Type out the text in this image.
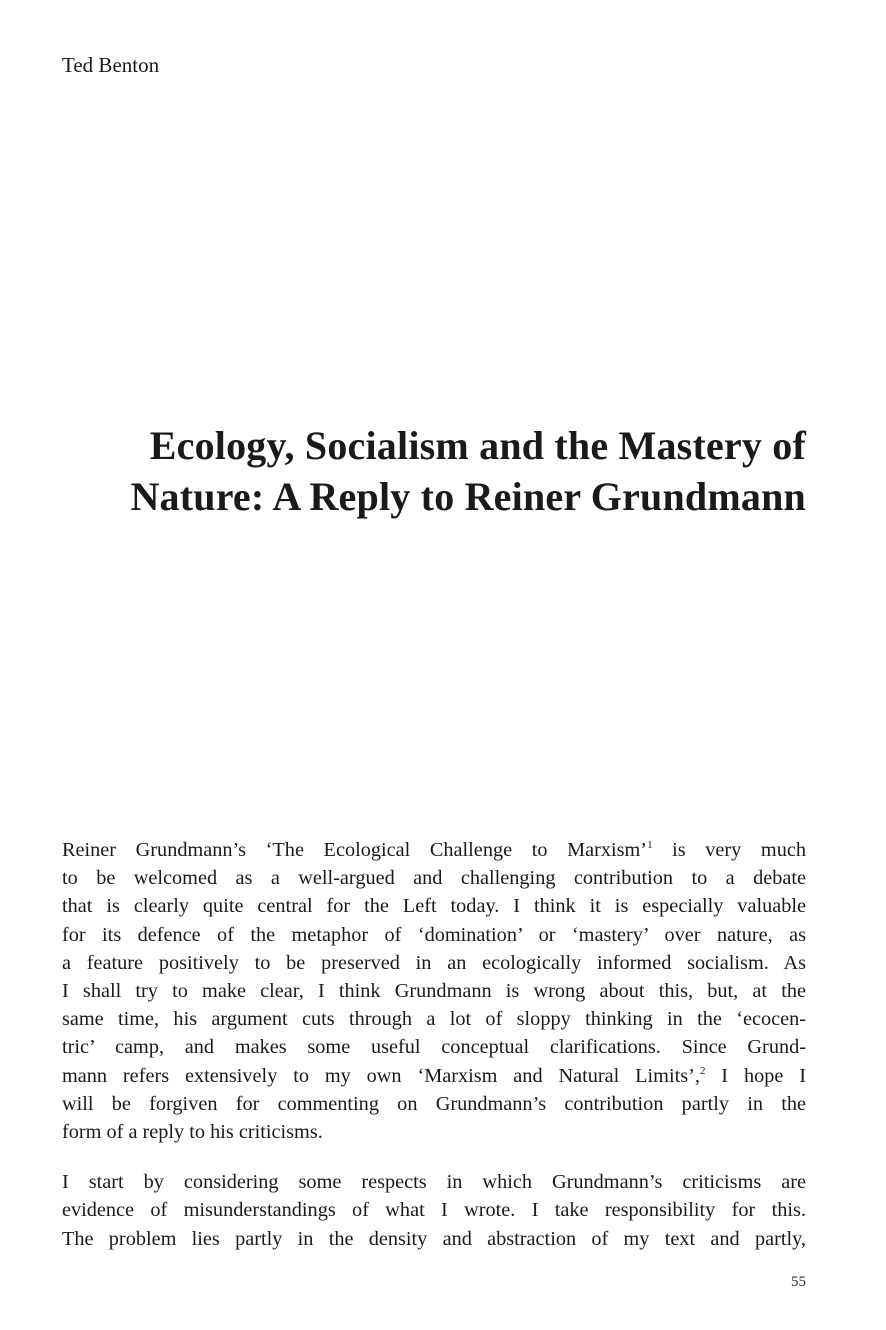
Ted Benton

Ecology, Socialism and the Mastery of
Nature: A Reply to Reiner Grundmann

Reiner Grundmann’s ‘The Ecological Challenge to Marxism’$^1$ is very much
to be welcomed as a well-argued and challenging contribution to a debate
that is clearly quite central for the Left today. I think it is especially valuable
for its defence of the metaphor of ‘domination’ or ‘mastery’ over nature, as
a feature positively to be preserved in an ecologically informed socialism. As
I shall try to make clear, I think Grundmann is wrong about this, but, at the
same time, his argument cuts through a lot of sloppy thinking in the ‘ecocen-
tric’ camp, and makes some useful conceptual clarifications. Since Grund-
mann refers extensively to my own ‘Marxism and Natural Limits’,$^2$ I hope I
will be forgiven for commenting on Grundmann’s contribution partly in the
form of a reply to his criticisms.

I start by considering some respects in which Grundmann’s criticisms are
evidence of misunderstandings of what I wrote. I take responsibility for this.
The problem lies partly in the density and abstraction of my text and partly,

55
